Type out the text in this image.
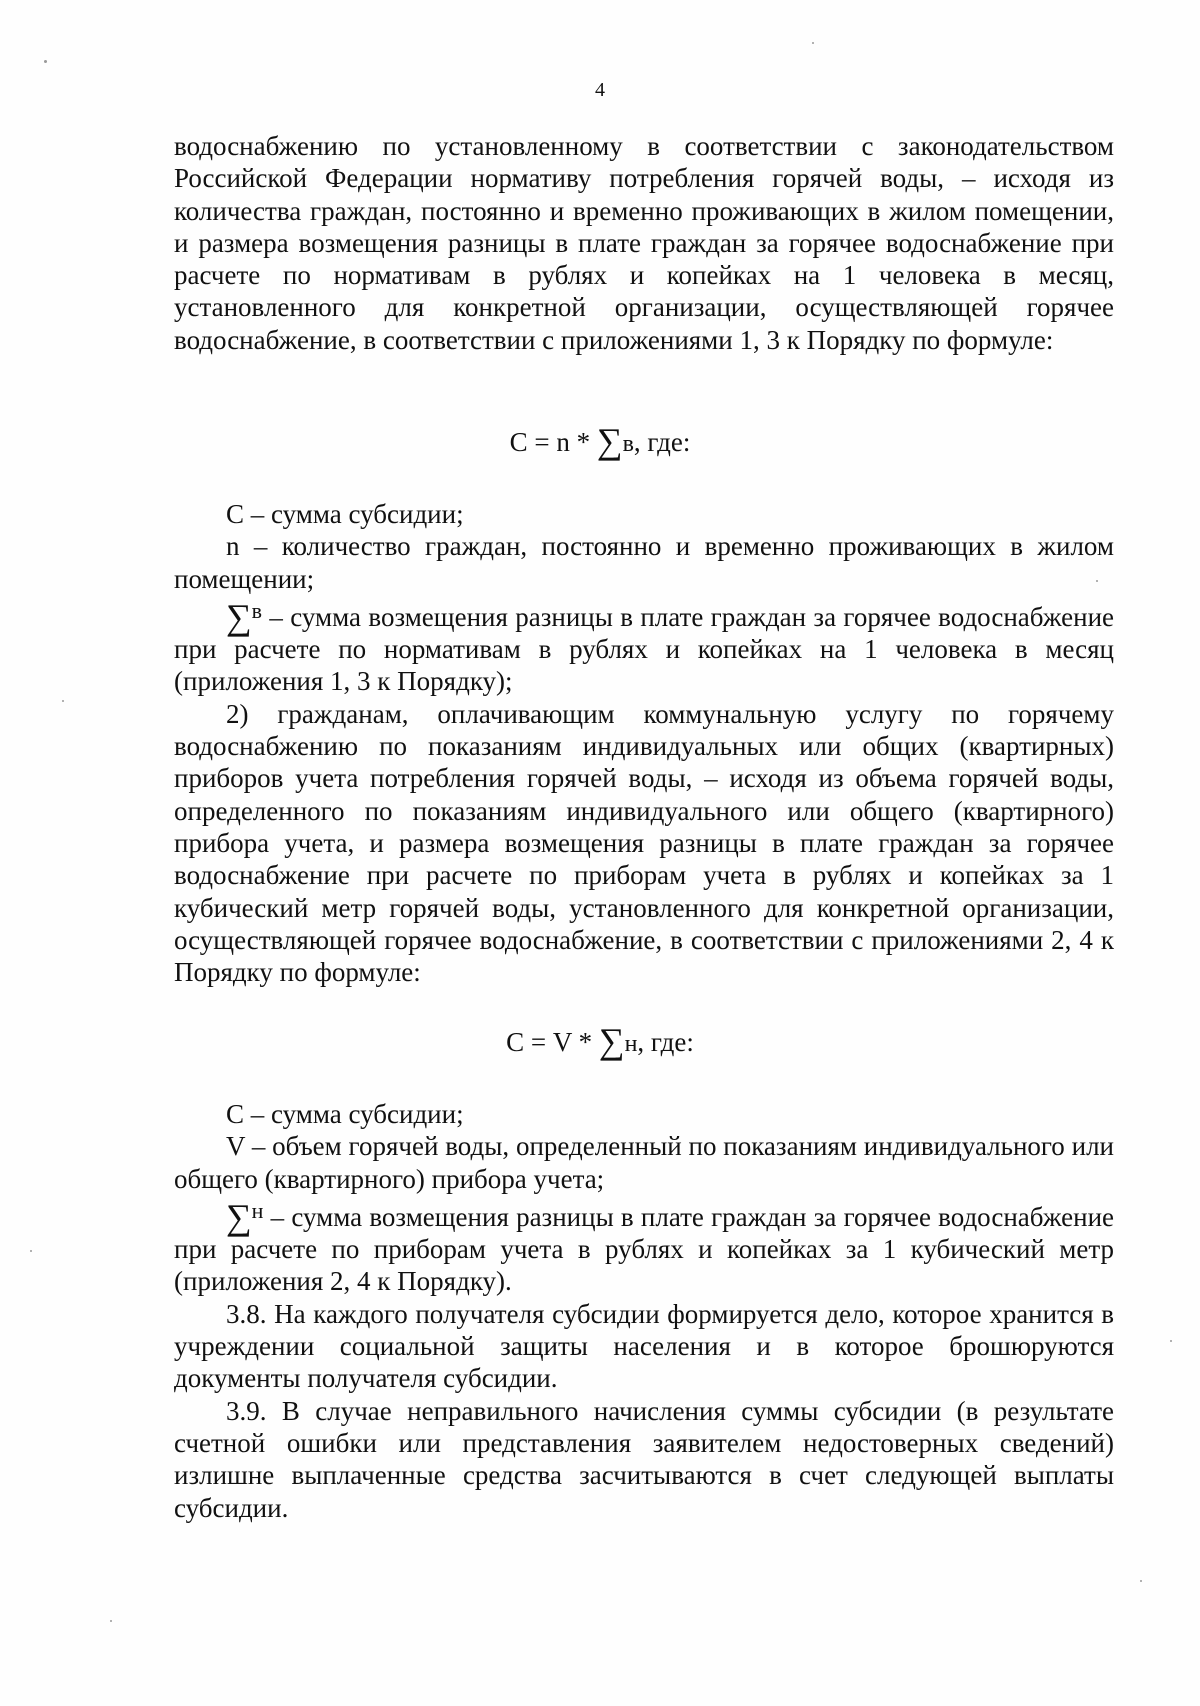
4

водоснабжению по установленному в соответствии с законодательством Российской Федерации нормативу потребления горячей воды, – исходя из количества граждан, постоянно и временно проживающих в жилом помещении, и размера возмещения разницы в плате граждан за горячее водоснабжение при расчете по нормативам в рублях и копейках на 1 человека в месяц, установленного для конкретной организации, осуществляющей горячее водоснабжение, в соответствии с приложениями 1, 3 к Порядку по формуле:

С = n * ∑в, где:

С – сумма субсидии;

n – количество граждан, постоянно и временно проживающих в жилом помещении;

∑$^в$ – сумма возмещения разницы в плате граждан за горячее водоснабжение при расчете по нормативам в рублях и копейках на 1 человека в месяц (приложения 1, 3 к Порядку);

2) гражданам, оплачивающим коммунальную услугу по горячему водоснабжению по показаниям индивидуальных или общих (квартирных) приборов учета потребления горячей воды, – исходя из объема горячей воды, определенного по показаниям индивидуального или общего (квартирного) прибора учета, и размера возмещения разницы в плате граждан за горячее водоснабжение при расчете по приборам учета в рублях и копейках за 1 кубический метр горячей воды, установленного для конкретной организации, осуществляющей горячее водоснабжение, в соответствии с приложениями 2, 4 к Порядку по формуле:

С = V * ∑н, где:

С – сумма субсидии;

V – объем горячей воды, определенный по показаниям индивидуального или общего (квартирного) прибора учета;

∑$^н$ – сумма возмещения разницы в плате граждан за горячее водоснабжение при расчете по приборам учета в рублях и копейках за 1 кубический метр (приложения 2, 4 к Порядку).

3.8. На каждого получателя субсидии формируется дело, которое хранится в учреждении социальной защиты населения и в которое брошюруются документы получателя субсидии.

3.9. В случае неправильного начисления суммы субсидии (в результате счетной ошибки или представления заявителем недостоверных сведений) излишне выплаченные средства засчитываются в счет следующей выплаты субсидии.
